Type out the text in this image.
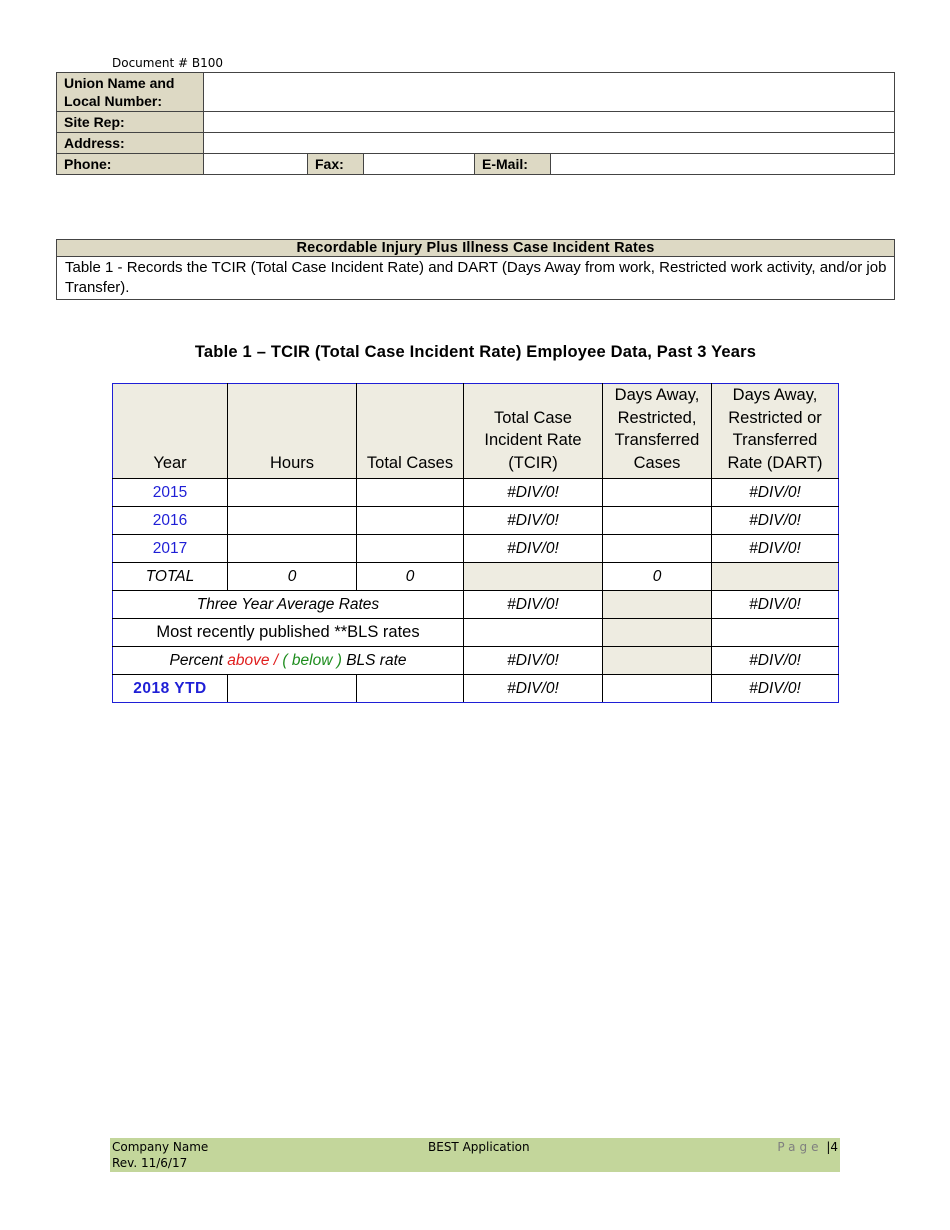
Document # B100
Union Name and
Local Number:					
Site Rep:					
Address:					
Phone:		Fax:		E-Mail:	
Recordable Injury Plus Illness Case Incident Rates
Table 1 - Records the TCIR (Total Case Incident Rate) and DART (Days Away from work, Restricted work activity, and/or job Transfer).
Table 1 – TCIR (Total Case Incident Rate) Employee Data, Past 3 Years
Year	Hours	Total Cases	Total Case
Incident Rate
(TCIR)	Days Away,
Restricted,
Transferred
Cases	Days Away,
Restricted or
Transferred
Rate (DART)
2015			#DIV/0!		#DIV/0!
2016			#DIV/0!		#DIV/0!
2017			#DIV/0!		#DIV/0!
TOTAL	0	0		0	
Three Year Average Rates			#DIV/0!		#DIV/0!
Most recently published **BLS rates					
Percent above / ( below ) BLS rate			#DIV/0!		#DIV/0!
2018 YTD			#DIV/0!		#DIV/0!
Company Name
Rev. 11/6/17
BEST Application	Page |4
